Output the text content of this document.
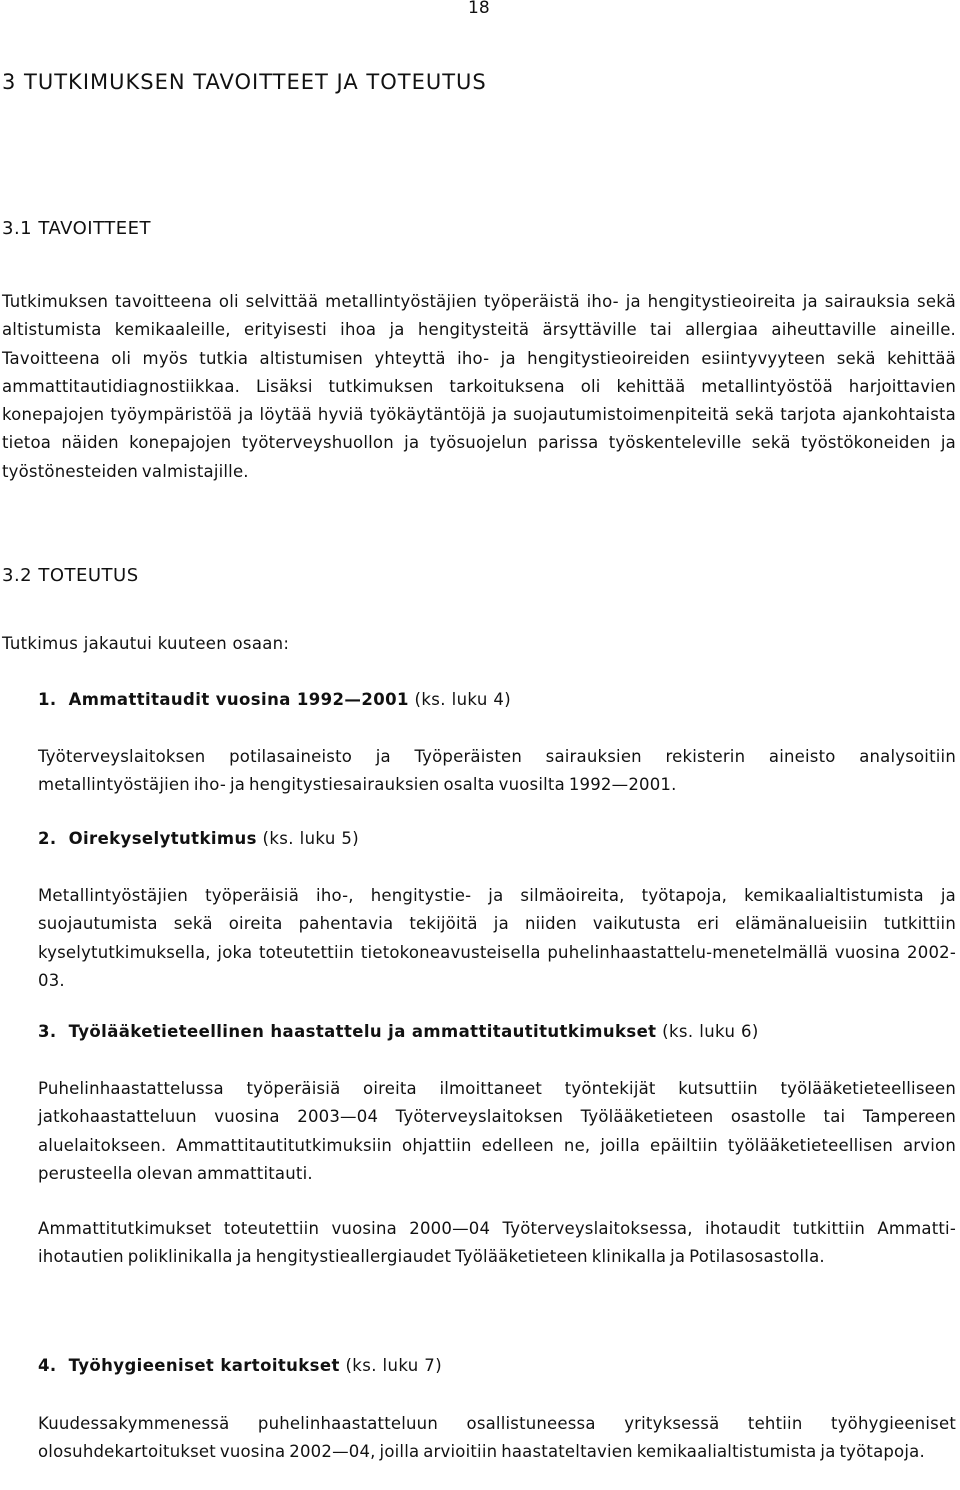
18
3 TUTKIMUKSEN TAVOITTEET JA TOTEUTUS
3.1 TAVOITTEET
Tutkimuksen tavoitteena oli selvittää metallintyöstäjien työperäistä iho- ja hengitystieoireita ja sairauksia sekä altistumista kemikaaleille, erityisesti ihoa ja hengitysteitä ärsyttäville tai allergiaa aiheuttaville aineille. Tavoitteena oli myös tutkia altistumisen yhteyttä iho- ja hengitystieoireiden esiintyvyyteen sekä kehittää ammattitautidiagnostiikkaa. Lisäksi tutkimuksen tarkoituksena oli kehittää metallintyöstöä harjoittavien konepajojen työympäristöä ja löytää hyviä työkäytäntöjä ja suojautumistoimenpiteitä sekä tarjota ajankohtaista tietoa näiden konepajojen työterveyshuollon ja työsuojelun parissa työskenteleville sekä työstökoneiden ja työstönesteiden valmistajille.
3.2 TOTEUTUS
Tutkimus jakautui kuuteen osaan:
1. Ammattitaudit vuosina 1992—2001 (ks. luku 4)
Työterveyslaitoksen potilasaineisto ja Työperäisten sairauksien rekisterin aineisto analysoitiin metallintyöstäjien iho- ja hengitystiesairauksien osalta vuosilta 1992—2001.
2. Oirekyselytutkimus (ks. luku 5)
Metallintyöstäjien työperäisiä iho-, hengitystie- ja silmäoireita, työtapoja, kemikaalialtistumista ja suojautumista sekä oireita pahentavia tekijöitä ja niiden vaikutusta eri elämänalueisiin tutkittiin kyselytutkimuksella, joka toteutettiin tietokoneavusteisella puhelinhaastattelu-menetelmällä vuosina 2002-03.
3. Työlääketieteellinen haastattelu ja ammattitautitutkimukset (ks. luku 6)
Puhelinhaastattelussa työperäisiä oireita ilmoittaneet työntekijät kutsuttiin työlääketieteelliseen jatkohaastatteluun vuosina 2003—04 Työterveyslaitoksen Työlääketieteen osastolle tai Tampereen aluelaitokseen. Ammattitautitutkimuksiin ohjattiin edelleen ne, joilla epäiltiin työlääketieteellisen arvion perusteella olevan ammattitauti.
Ammattitutkimukset toteutettiin vuosina 2000—04 Työterveyslaitoksessa, ihotaudit tutkittiin Ammatti-ihotautien poliklinikalla ja hengitystieallergiaudet Työlääketieteen klinikalla ja Potilasosastolla.
4. Työhygieeniset kartoitukset (ks. luku 7)
Kuudessakymmenessä puhelinhaastatteluun osallistuneessa yrityksessä tehtiin työhygieeniset olosuhdekartoitukset vuosina 2002—04, joilla arvioitiin haastateltavien kemikaalialtistumista ja työtapoja.
